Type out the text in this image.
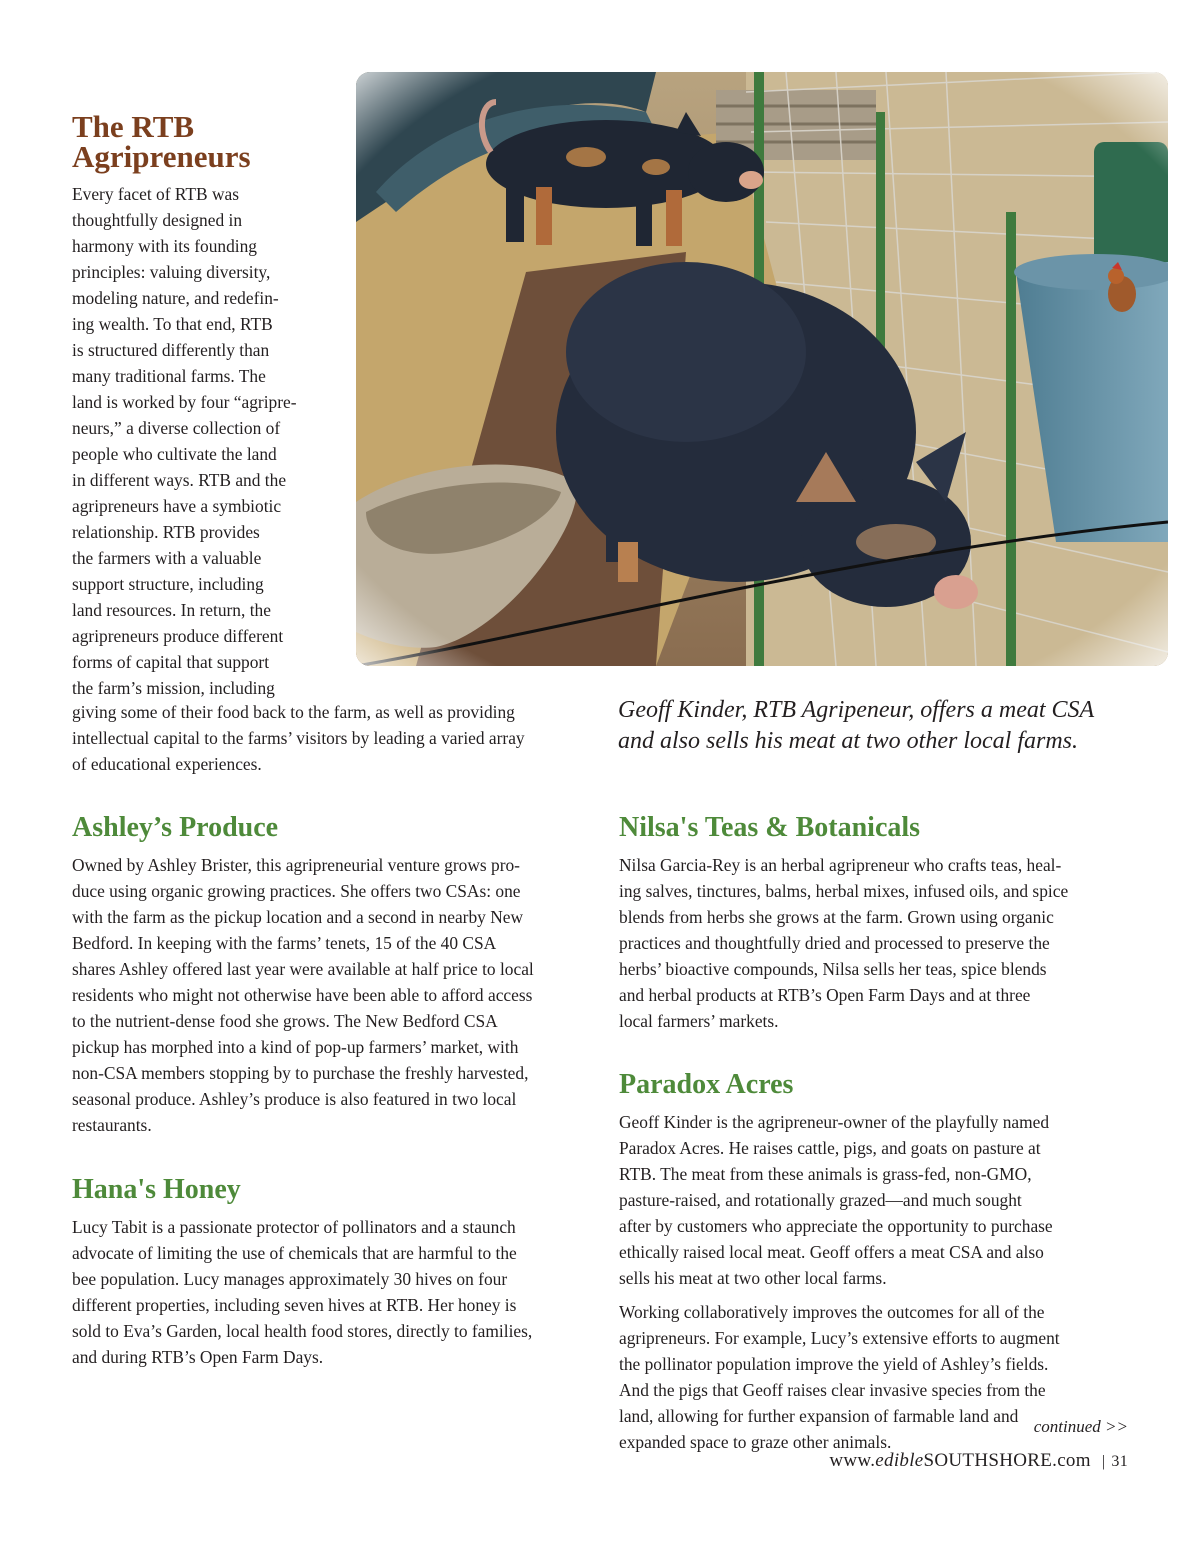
The RTB
Agripreneurs
Every facet of RTB was
thoughtfully designed in
harmony with its founding
principles: valuing diversity,
modeling nature, and redefin-
ing wealth. To that end, RTB
is structured differently than
many traditional farms. The
land is worked by four “agripre-
neurs,” a diverse collection of
people who cultivate the land
in different ways. RTB and the
agripreneurs have a symbiotic
relationship. RTB provides
the farmers with a valuable
support structure, including
land resources. In return, the
agripreneurs produce different
forms of capital that support
the farm’s mission, including
giving some of their food back to the farm, as well as providing
intellectual capital to the farms’ visitors by leading a varied array
of educational experiences.

Geoff Kinder, RTB Agripeneur, offers a meat CSA

and also sells his meat at two other local farms.

Ashley’s Produce
Owned by Ashley Brister, this agripreneurial venture grows pro-
duce using organic growing practices. She offers two CSAs: one
with the farm as the pickup location and a second in nearby New
Bedford. In keeping with the farms’ tenets, 15 of the 40 CSA
shares Ashley offered last year were available at half price to local
residents who might not otherwise have been able to afford access
to the nutrient-dense food she grows. The New Bedford CSA
pickup has morphed into a kind of pop-up farmers’ market, with
non-CSA members stopping by to purchase the freshly harvested,
seasonal produce. Ashley’s produce is also featured in two local
restaurants.
Hana's Honey
Lucy Tabit is a passionate protector of pollinators and a staunch
advocate of limiting the use of chemicals that are harmful to the
bee population. Lucy manages approximately 30 hives on four
different properties, including seven hives at RTB. Her honey is
sold to Eva’s Garden, local health food stores, directly to families,
and during RTB’s Open Farm Days.
Nilsa's Teas & Botanicals
Nilsa Garcia-Rey is an herbal agripreneur who crafts teas, heal-
ing salves, tinctures, balms, herbal mixes, infused oils, and spice
blends from herbs she grows at the farm. Grown using organic
practices and thoughtfully dried and processed to preserve the
herbs’ bioactive compounds, Nilsa sells her teas, spice blends
and herbal products at RTB’s Open Farm Days and at three
local farmers’ markets.
Paradox Acres
Geoff Kinder is the agripreneur-owner of the playfully named
Paradox Acres. He raises cattle, pigs, and goats on pasture at
RTB. The meat from these animals is grass-fed, non-GMO,
pasture-raised, and rotationally grazed—and much sought
after by customers who appreciate the opportunity to purchase
ethically raised local meat. Geoff offers a meat CSA and also
sells his meat at two other local farms.
Working collaboratively improves the outcomes for all of the
agripreneurs. For example, Lucy’s extensive efforts to augment
the pollinator population improve the yield of Ashley’s fields.
And the pigs that Geoff raises clear invasive species from the
land, allowing for further expansion of farmable land and
expanded space to graze other animals.
continued >>
www.edibleSOUTHSHORE.com | 31
